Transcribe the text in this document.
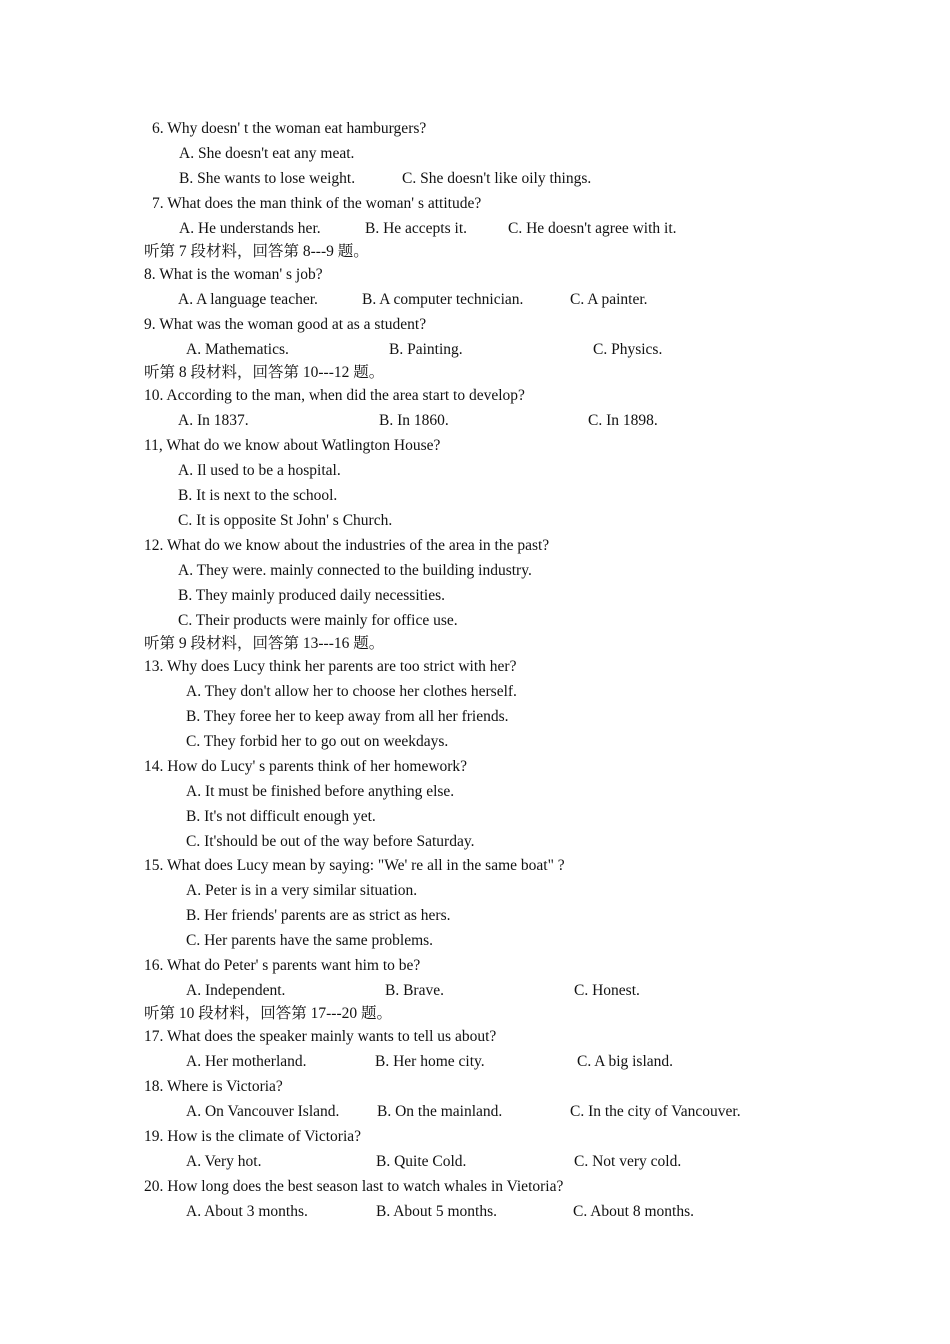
6. Why doesn' t the woman eat hamburgers?
A. She doesn't eat any meat.
B. She wants to lose weight.	C. She doesn't like oily things.
7. What does the man think of the woman' s attitude?
A. He understands her.	B. He accepts it.	C. He doesn't agree with it.
听第 7 段材料，回答第 8---9 题。
8. What is the woman' s job?
A. A language teacher.	B. A computer technician.	C. A painter.
9. What was the woman good at as a student?
A. Mathematics.	B. Painting.	C. Physics.
听第 8 段材料，回答第 10---12 题。
10. According to the man, when did the area start to develop?
A. In 1837.	B. In 1860.	C. In 1898.
11, What do we know about Watlington House?
A. Il used to be a hospital.
B. It is next to the school.
C. It is opposite St John' s Church.
12. What do we know about the industries of the area in the past?
A. They were. mainly connected to the building industry.
B. They mainly produced daily necessities.
C. Their products were mainly for office use.
听第 9 段材料，回答第 13---16 题。
13. Why does Lucy think her parents are too strict with her?
A. They don't allow her to choose her clothes herself.
B. They foree her to keep away from all her friends.
C. They forbid her to go out on weekdays.
14. How do Lucy' s parents think of her homework?
A. It must be finished before anything else.
B. It's not difficult enough yet.
C. It'should be out of the way before Saturday.
15. What does Lucy mean by saying: "We' re all in the same boat" ?
A. Peter is in a very similar situation.
B. Her friends' parents are as strict as hers.
C. Her parents have the same problems.
16. What do Peter' s parents want him to be?
A. Independent.	B. Brave.	C. Honest.
听第 10 段材料，回答第 17---20 题。
17. What does the speaker mainly wants to tell us about?
A. Her motherland.	B. Her home city.	C. A big island.
18. Where is Victoria?
A. On Vancouver Island. B. On the mainland.	C. In the city of Vancouver.
19. How is the climate of Victoria?
A. Very hot.	B. Quite Cold.	C. Not very cold.
20. How long does the best season last to watch whales in Vietoria?
A. About 3 months.	B. About 5 months.	C. About 8 months.
